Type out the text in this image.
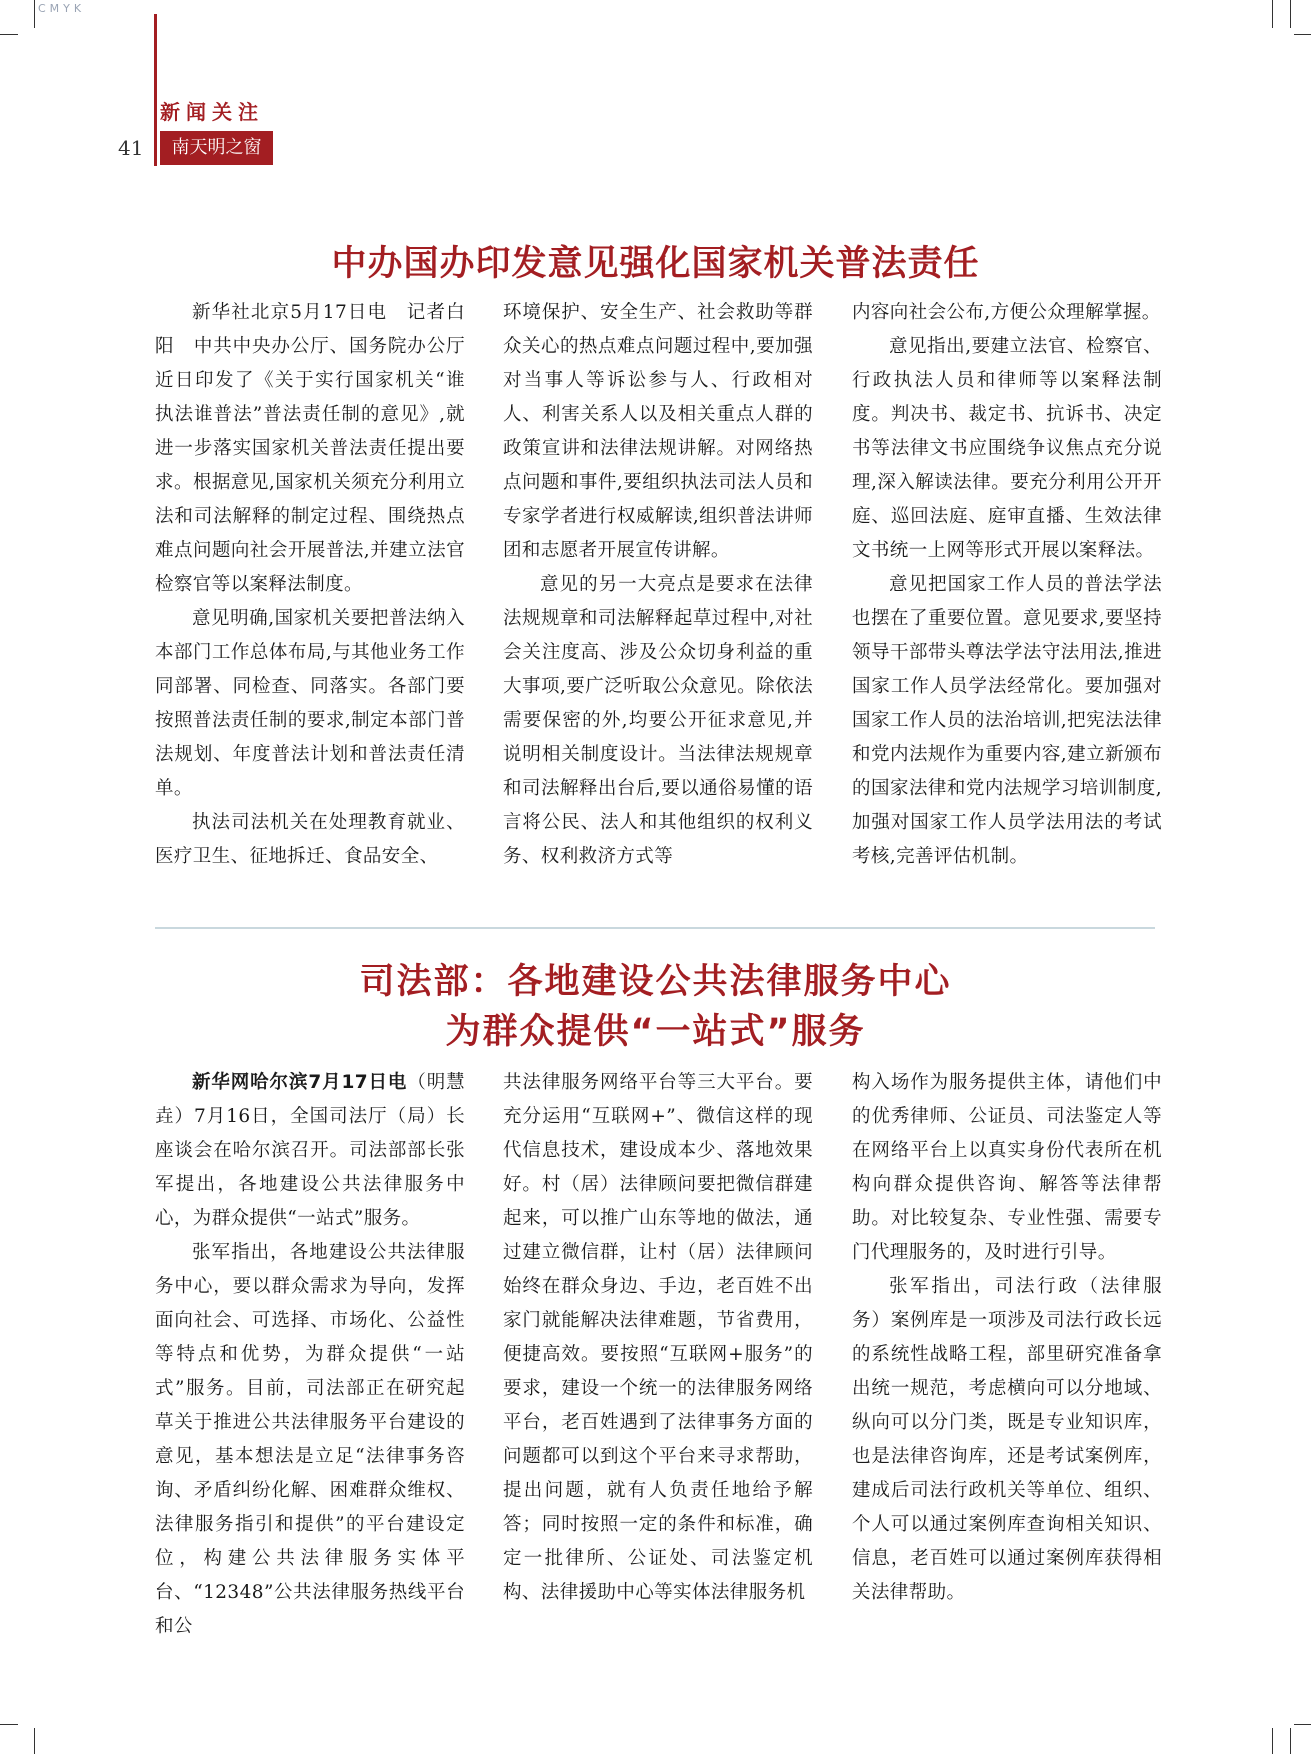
CMYK
新闻关注
41	南天明之窗
中办国办印发意见强化国家机关普法责任

新华社北京5月17日电　记者白阳　中共中央办公厅、国务院办公厅近日印发了《关于实行国家机关“谁执法谁普法”普法责任制的意见》,就进一步落实国家机关普法责任提出要求。根据意见,国家机关须充分利用立法和司法解释的制定过程、围绕热点难点问题向社会开展普法,并建立法官检察官等以案释法制度。

意见明确,国家机关要把普法纳入本部门工作总体布局,与其他业务工作同部署、同检查、同落实。各部门要按照普法责任制的要求,制定本部门普法规划、年度普法计划和普法责任清单。

执法司法机关在处理教育就业、医疗卫生、征地拆迁、食品安全、

环境保护、安全生产、社会救助等群众关心的热点难点问题过程中,要加强对当事人等诉讼参与人、行政相对人、利害关系人以及相关重点人群的政策宣讲和法律法规讲解。对网络热点问题和事件,要组织执法司法人员和专家学者进行权威解读,组织普法讲师团和志愿者开展宣传讲解。

意见的另一大亮点是要求在法律法规规章和司法解释起草过程中,对社会关注度高、涉及公众切身利益的重大事项,要广泛听取公众意见。除依法需要保密的外,均要公开征求意见,并说明相关制度设计。当法律法规规章和司法解释出台后,要以通俗易懂的语言将公民、法人和其他组织的权利义务、权利救济方式等

内容向社会公布,方便公众理解掌握。

意见指出,要建立法官、检察官、行政执法人员和律师等以案释法制度。判决书、裁定书、抗诉书、决定书等法律文书应围绕争议焦点充分说理,深入解读法律。要充分利用公开开庭、巡回法庭、庭审直播、生效法律文书统一上网等形式开展以案释法。

意见把国家工作人员的普法学法也摆在了重要位置。意见要求,要坚持领导干部带头尊法学法守法用法,推进国家工作人员学法经常化。要加强对国家工作人员的法治培训,把宪法法律和党内法规作为重要内容,建立新颁布的国家法律和党内法规学习培训制度,加强对国家工作人员学法用法的考试考核,完善评估机制。

司法部：各地建设公共法律服务中心
为群众提供“一站式”服务

新华网哈尔滨7月17日电（明慧垚）7月16日，全国司法厅（局）长座谈会在哈尔滨召开。司法部部长张军提出，各地建设公共法律服务中心，为群众提供“一站式”服务。

张军指出，各地建设公共法律服务中心，要以群众需求为导向，发挥面向社会、可选择、市场化、公益性等特点和优势，为群众提供“一站式”服务。目前，司法部正在研究起草关于推进公共法律服务平台建设的意见，基本想法是立足“法律事务咨询、矛盾纠纷化解、困难群众维权、法律服务指引和提供”的平台建设定位，构建公共法律服务实体平台、“12348”公共法律服务热线平台和公

共法律服务网络平台等三大平台。要充分运用“互联网+”、微信这样的现代信息技术，建设成本少、落地效果好。村（居）法律顾问要把微信群建起来，可以推广山东等地的做法，通过建立微信群，让村（居）法律顾问始终在群众身边、手边，老百姓不出家门就能解决法律难题，节省费用，便捷高效。要按照“互联网+服务”的要求，建设一个统一的法律服务网络平台，老百姓遇到了法律事务方面的问题都可以到这个平台来寻求帮助，提出问题，就有人负责任地给予解答；同时按照一定的条件和标准，确定一批律所、公证处、司法鉴定机构、法律援助中心等实体法律服务机

构入场作为服务提供主体，请他们中的优秀律师、公证员、司法鉴定人等在网络平台上以真实身份代表所在机构向群众提供咨询、解答等法律帮助。对比较复杂、专业性强、需要专门代理服务的，及时进行引导。

张军指出，司法行政（法律服务）案例库是一项涉及司法行政长远的系统性战略工程，部里研究准备拿出统一规范，考虑横向可以分地域、纵向可以分门类，既是专业知识库，也是法律咨询库，还是考试案例库，建成后司法行政机关等单位、组织、个人可以通过案例库查询相关知识、信息，老百姓可以通过案例库获得相关法律帮助。
